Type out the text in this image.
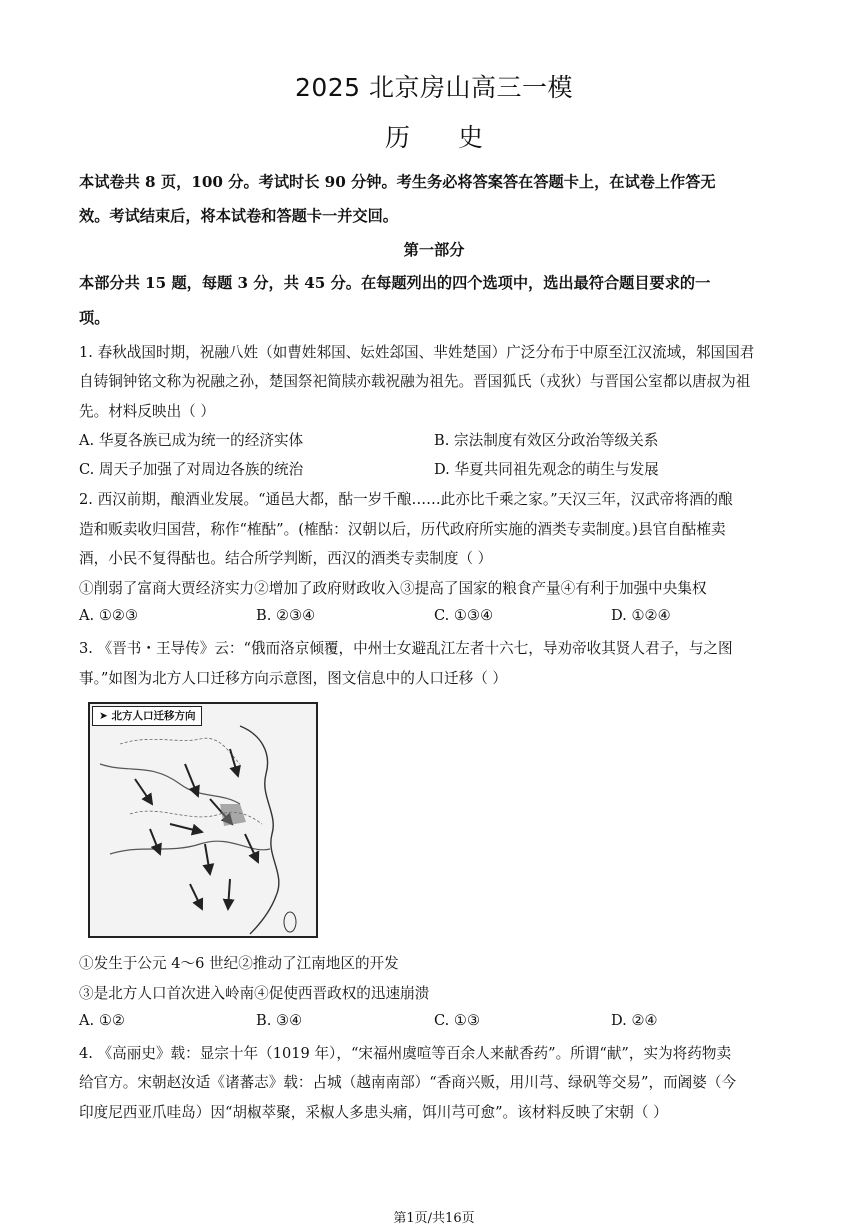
2025 北京房山高三一模
历史
本试卷共 8 页，100 分。考试时长 90 分钟。考生务必将答案答在答题卡上，在试卷上作答无
效。考试结束后，将本试卷和答题卡一并交回。
第一部分
本部分共 15 题，每题 3 分，共 45 分。在每题列出的四个选项中，选出最符合题目要求的一
项。
1. 春秋战国时期，祝融八姓（如曹姓邾国、妘姓郐国、芈姓楚国）广泛分布于中原至江汉流域，邾国国君
自铸铜钟铭文称为祝融之孙，楚国祭祀简牍亦载祝融为祖先。晋国狐氏（戎狄）与晋国公室都以唐叔为祖
先。材料反映出（ ）
A. 华夏各族已成为统一的经济实体	B. 宗法制度有效区分政治等级关系
C. 周天子加强了对周边各族的统治	D. 华夏共同祖先观念的萌生与发展
2. 西汉前期，酿酒业发展。“通邑大都，酤一岁千酿……此亦比千乘之家。”天汉三年，汉武帝将酒的酿
造和贩卖收归国营，称作“榷酤”。(榷酤：汉朝以后，历代政府所实施的酒类专卖制度。)县官自酤榷卖
酒，小民不复得酤也。结合所学判断，西汉的酒类专卖制度（ ）
①削弱了富商大贾经济实力②增加了政府财政收入③提高了国家的粮食产量④有利于加强中央集权
A. ①②③	B. ②③④	C. ①③④	D. ①②④
3. 《晋书・王导传》云：“俄而洛京倾覆，中州士女避乱江左者十六七，导劝帝收其贤人君子，与之图
事。”如图为北方人口迁移方向示意图，图文信息中的人口迁移（ ）
➤ 北方人口迁移方向
①发生于公元 4～6 世纪②推动了江南地区的开发
③是北方人口首次进入岭南④促使西晋政权的迅速崩溃
A. ①②	B. ③④	C. ①③	D. ②④
4. 《高丽史》载：显宗十年（1019 年），“宋福州虞喧等百余人来献香药”。所谓“献”，实为将药物卖
给官方。宋朝赵汝适《诸蕃志》载：占城（越南南部）“香商兴贩，用川芎、绿矾等交易”，而阇婆（今
印度尼西亚爪哇岛）因“胡椒萃聚，采椒人多患头痛，饵川芎可愈”。该材料反映了宋朝（ ）
第1页/共16页
